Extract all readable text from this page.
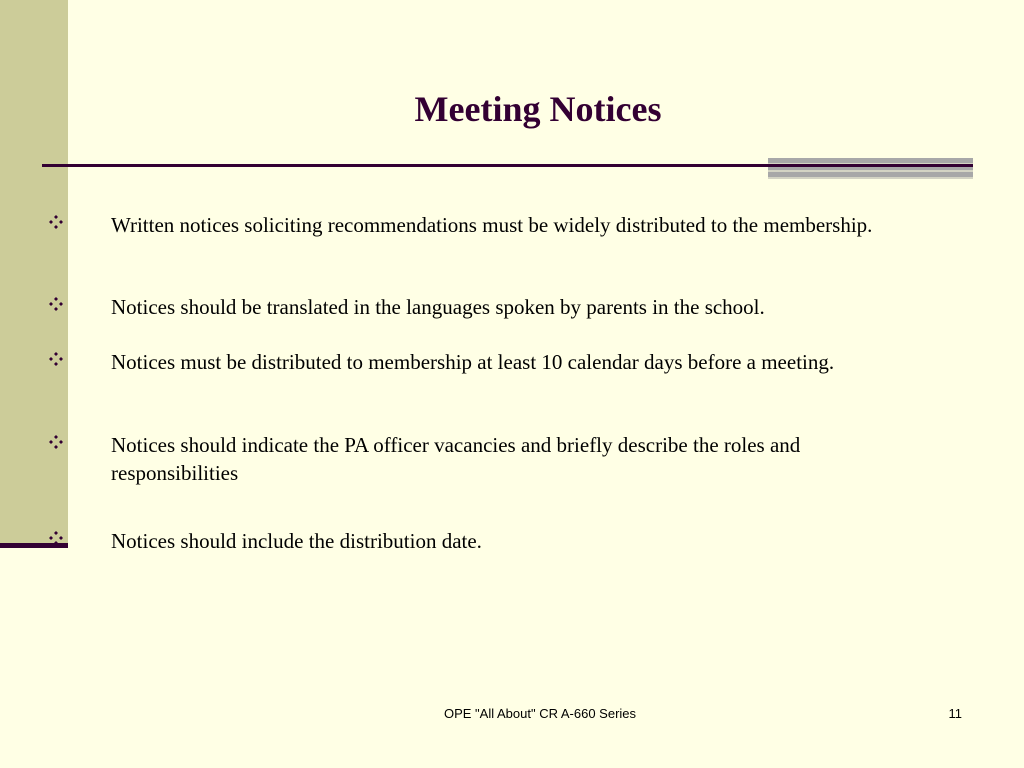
Meeting Notices
Written notices soliciting recommendations must be widely distributed to the membership.
Notices should be translated in the languages spoken by parents in the school.
Notices must be distributed to membership at least 10 calendar days before a meeting.
Notices should indicate the PA officer vacancies and briefly describe the roles and responsibilities
Notices should include the distribution date.
OPE "All About" CR A-660 Series	11
